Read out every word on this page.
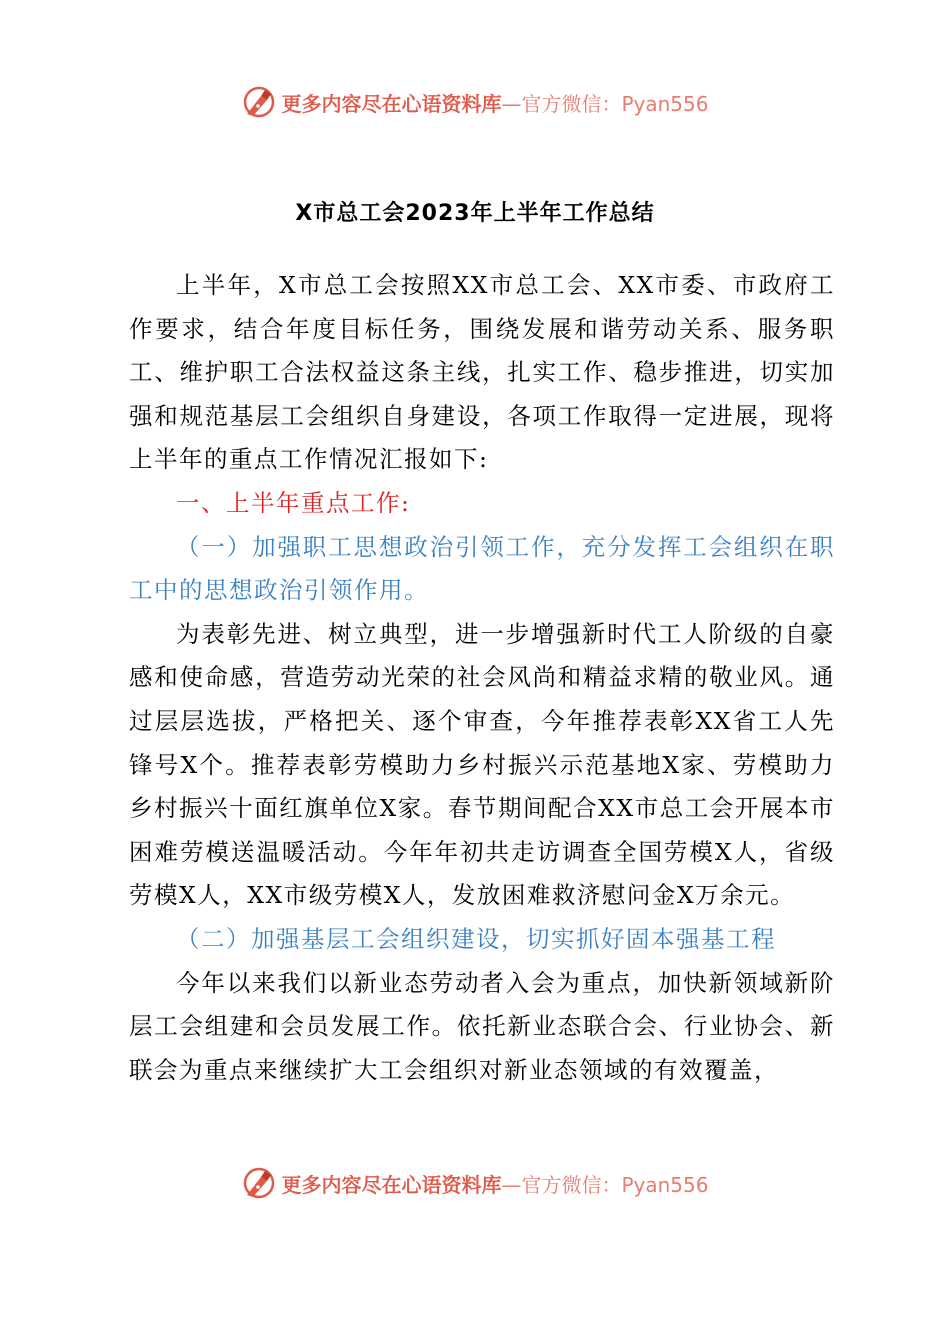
更多内容尽在心语资料库 —官方微信：Pyan556
X市总工会2023年上半年工作总结

上半年，X市总工会按照XX市总工会、XX市委、市政府工作要求，结合年度目标任务，围绕发展和谐劳动关系、服务职工、维护职工合法权益这条主线，扎实工作、稳步推进，切实加强和规范基层工会组织自身建设，各项工作取得一定进展，现将上半年的重点工作情况汇报如下:

一、上半年重点工作:

（一）加强职工思想政治引领工作，充分发挥工会组织在职工中的思想政治引领作用。

为表彰先进、树立典型，进一步增强新时代工人阶级的自豪感和使命感，营造劳动光荣的社会风尚和精益求精的敬业风。通过层层选拔，严格把关、逐个审查，今年推荐表彰XX省工人先锋号X个。推荐表彰劳模助力乡村振兴示范基地X家、劳模助力乡村振兴十面红旗单位X家。春节期间配合XX市总工会开展本市困难劳模送温暖活动。今年年初共走访调查全国劳模X人，省级劳模X人，XX市级劳模X人，发放困难救济慰问金X万余元。

（二）加强基层工会组织建设，切实抓好固本强基工程

今年以来我们以新业态劳动者入会为重点，加快新领域新阶层工会组建和会员发展工作。依托新业态联合会、行业协会、新联会为重点来继续扩大工会组织对新业态领域的有效覆盖，

更多内容尽在心语资料库 —官方微信：Pyan556
